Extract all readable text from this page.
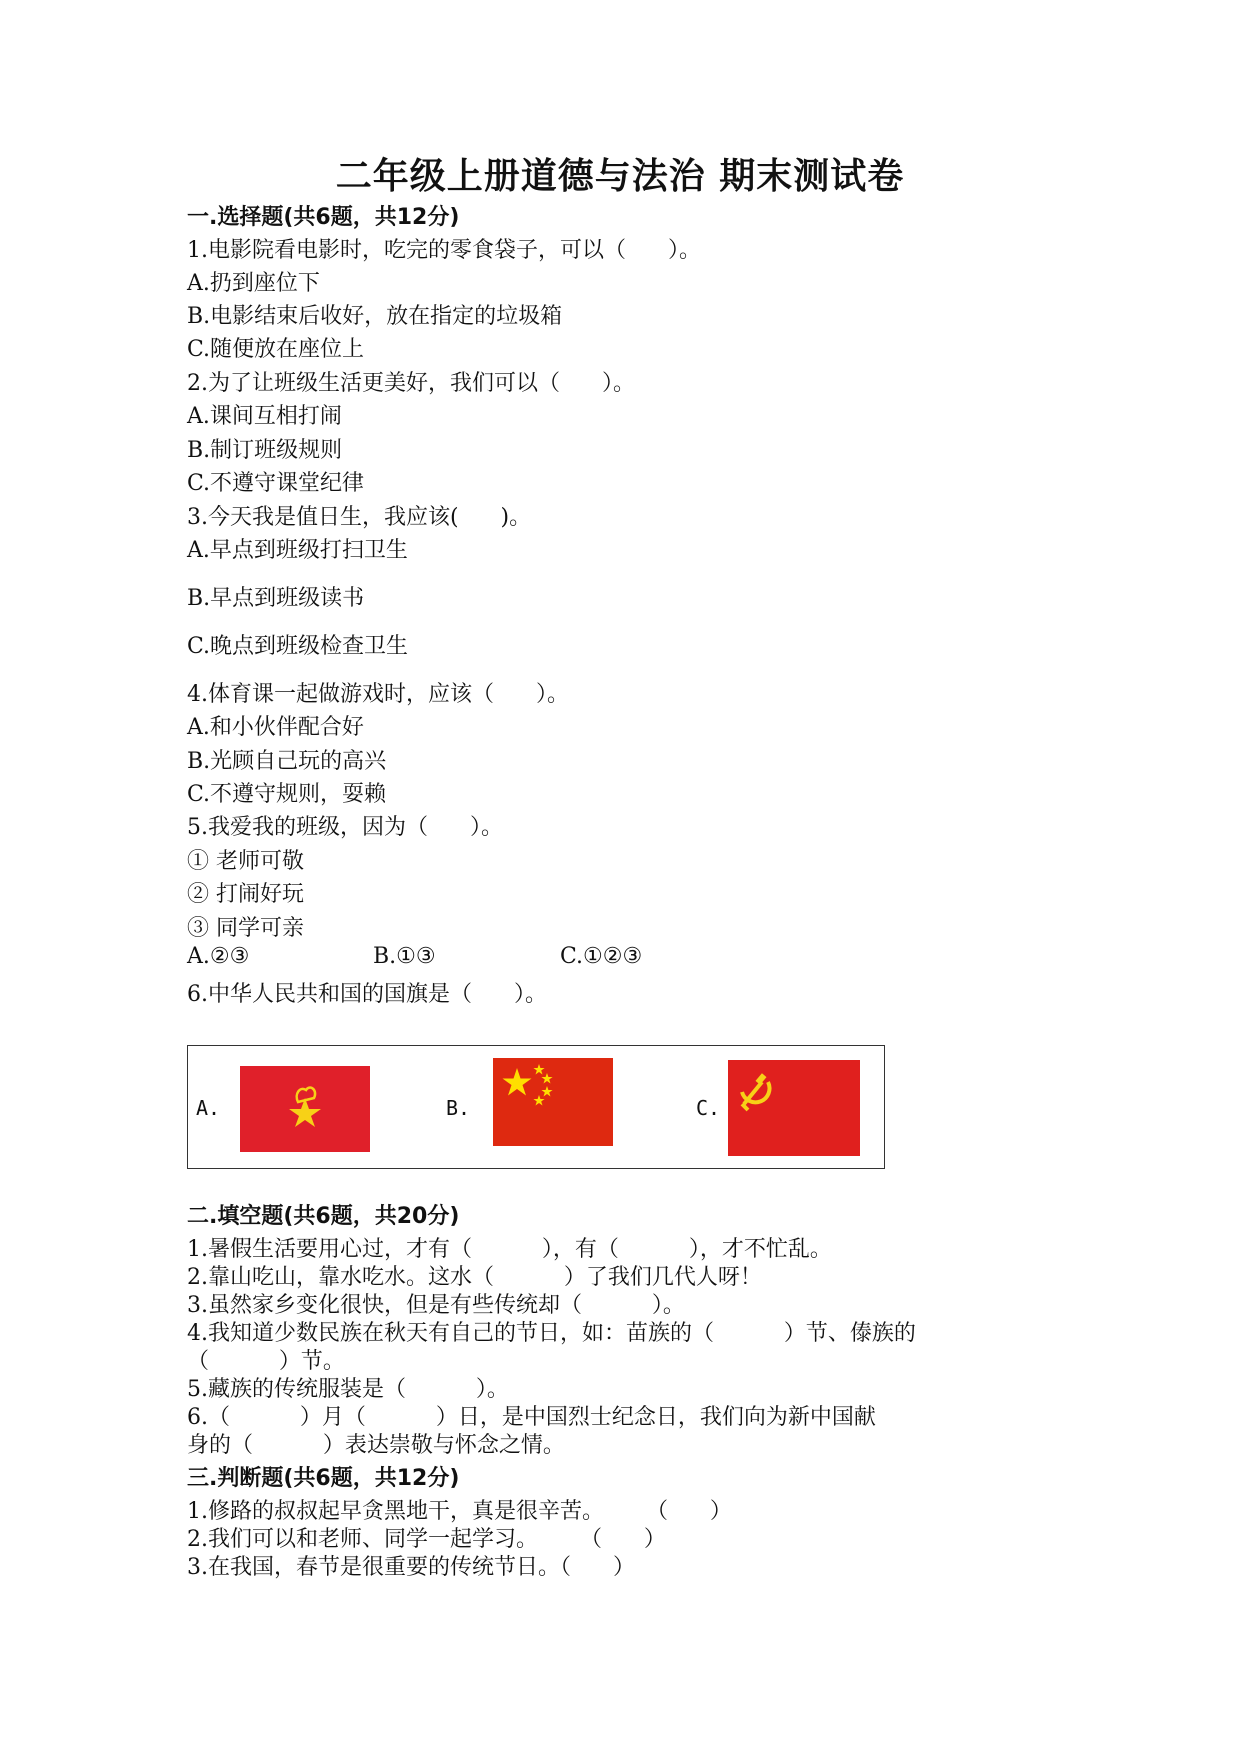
二年级上册道德与法治 期末测试卷
一.选择题(共6题，共12分)
1.电影院看电影时，吃完的零食袋子，可以（      ）。
A.扔到座位下
B.电影结束后收好，放在指定的垃圾箱
C.随便放在座位上
2.为了让班级生活更美好，我们可以（      ）。
A.课间互相打闹
B.制订班级规则
C.不遵守课堂纪律
3.今天我是值日生，我应该(      )。
A.早点到班级打扫卫生
B.早点到班级读书
C.晚点到班级检查卫生
4.体育课一起做游戏时，应该（      ）。
A.和小伙伴配合好
B.光顾自己玩的高兴
C.不遵守规则，耍赖
5.我爱我的班级，因为（      ）。
① 老师可敬
② 打闹好玩
③ 同学可亲
A.②③	B.①③	C.①②③
6.中华人民共和国的国旗是（      ）。
A.	B.	C.
二.填空题(共6题，共20分)
1.暑假生活要用心过，才有（          ），有（          ），才不忙乱。
2.靠山吃山，靠水吃水。这水（          ）了我们几代人呀！
3.虽然家乡变化很快，但是有些传统却（          ）。
4.我知道少数民族在秋天有自己的节日，如：苗族的（          ）节、傣族的
（          ）节。
5.藏族的传统服装是（          ）。
6.（          ）月（          ）日，是中国烈士纪念日，我们向为新中国献
身的（          ）表达崇敬与怀念之情。
三.判断题(共6题，共12分)
1.修路的叔叔起早贪黑地干，真是很辛苦。      （      ）
2.我们可以和老师、同学一起学习。      （      ）
3.在我国，春节是很重要的传统节日。（      ）
